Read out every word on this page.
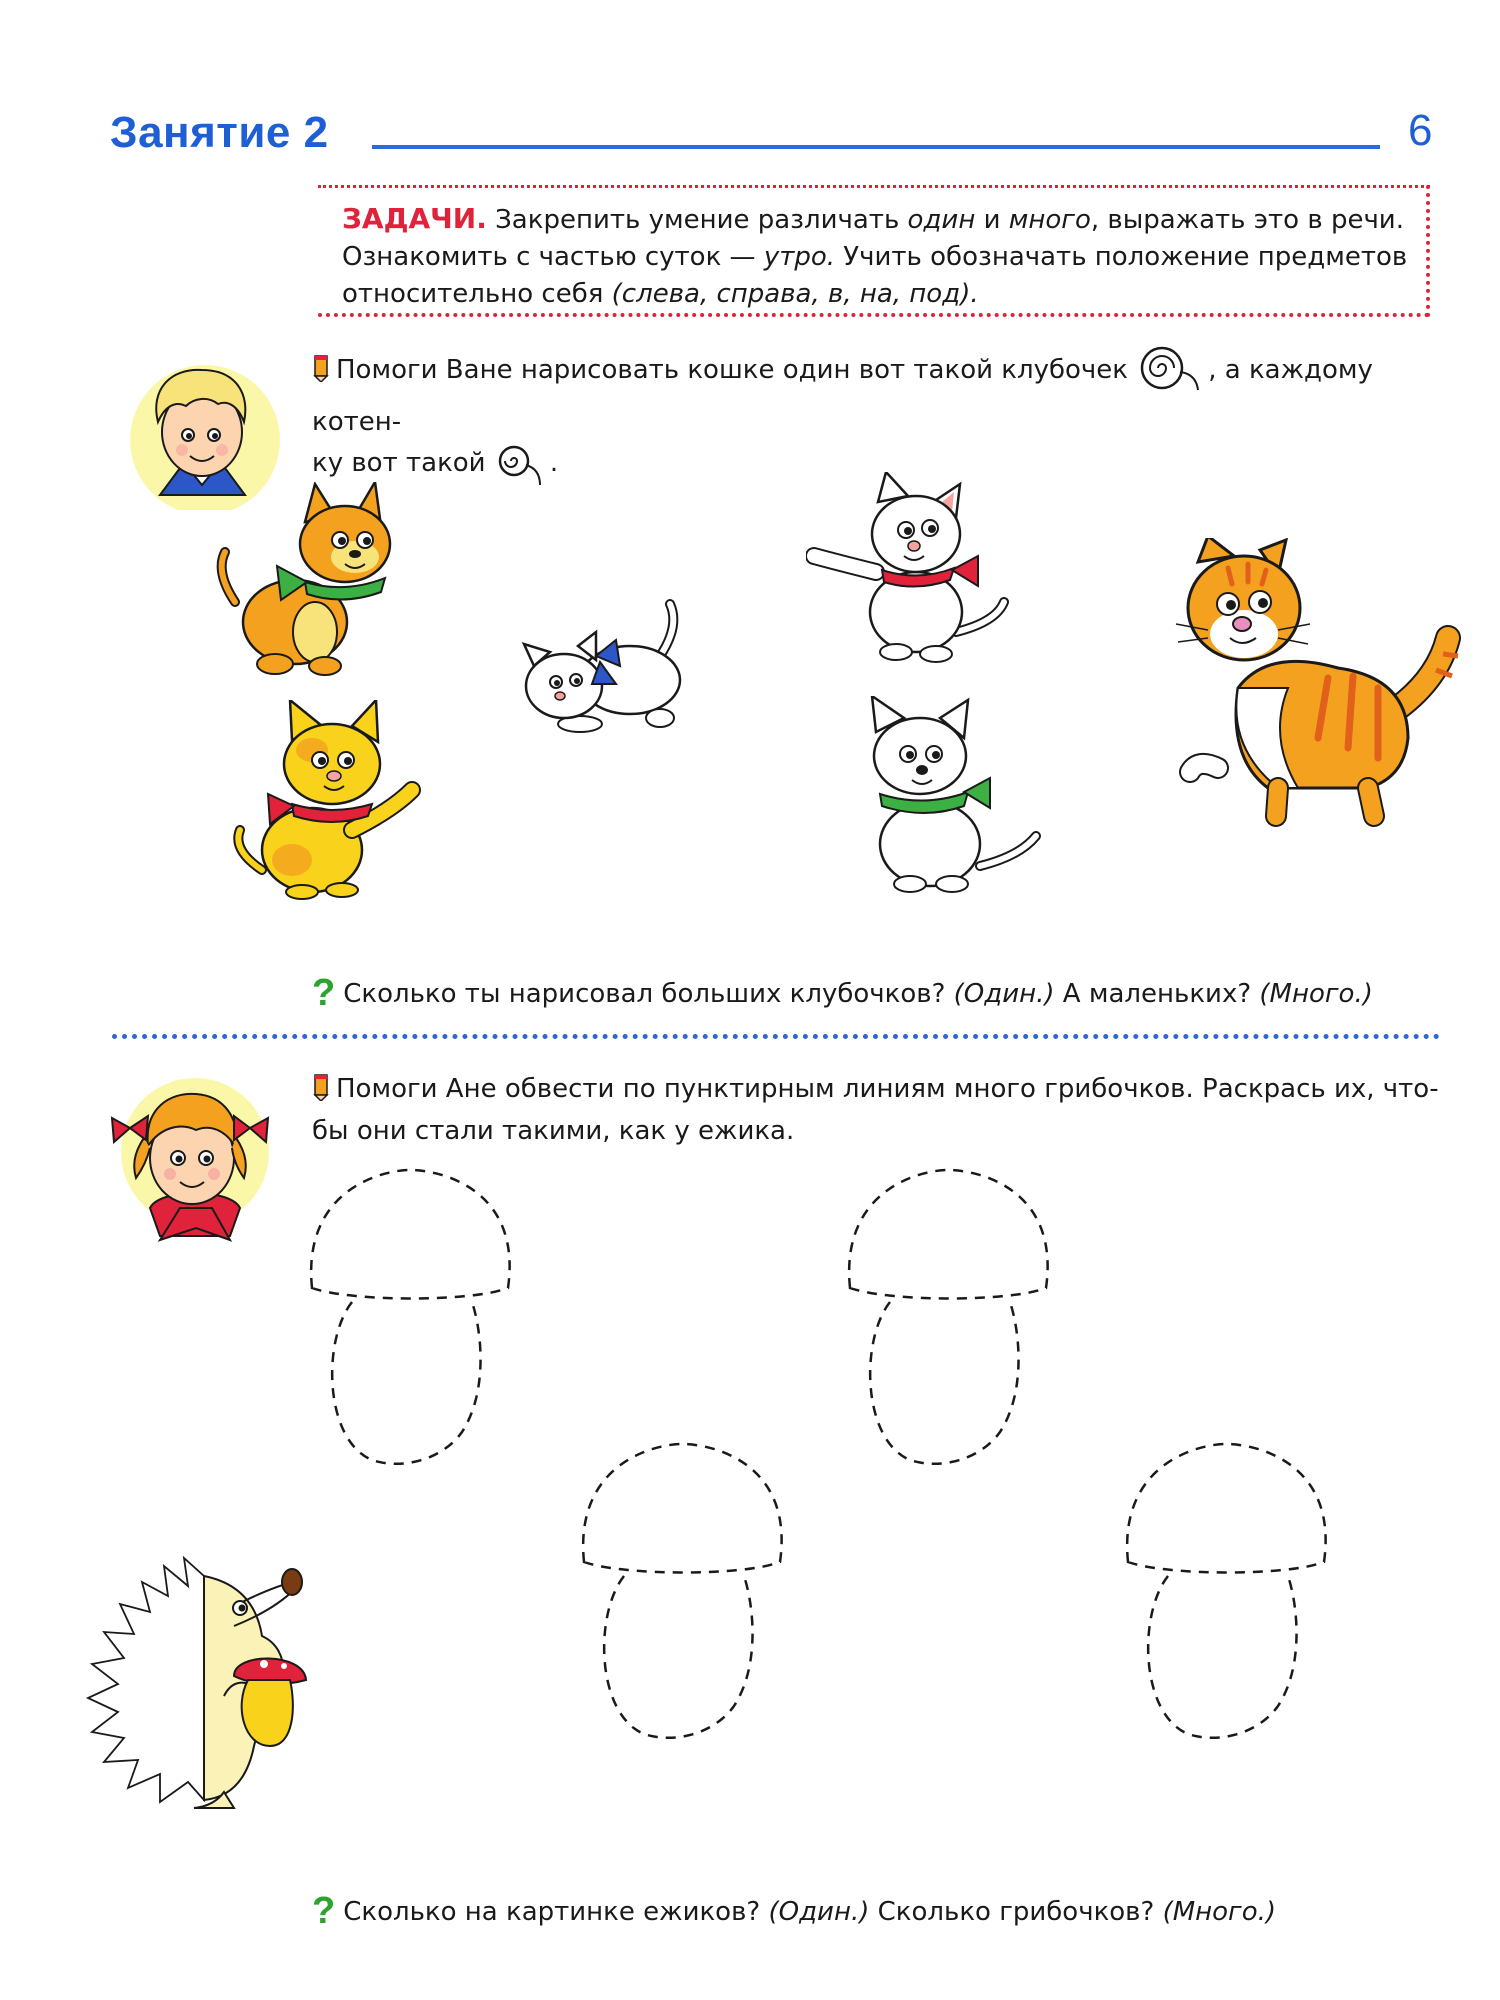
Занятие 2	6
ЗАДАЧИ. Закрепить умение различать один и много, выражать это в речи.
Ознакомить с частью суток — утро. Учить обозначать положение предметов
относительно себя (слева, справа, в, на, под).
Помоги Ване нарисовать кошке один вот такой клубочек	, а каждому котен-
ку вот такой .
? Сколько ты нарисовал больших клубочков? (Один.) А маленьких? (Много.)
Помоги Ане обвести по пунктирным линиям много грибочков. Раскрась их, что-
бы они стали такими, как у ежика.
? Сколько на картинке ежиков? (Один.) Сколько грибочков? (Много.)
